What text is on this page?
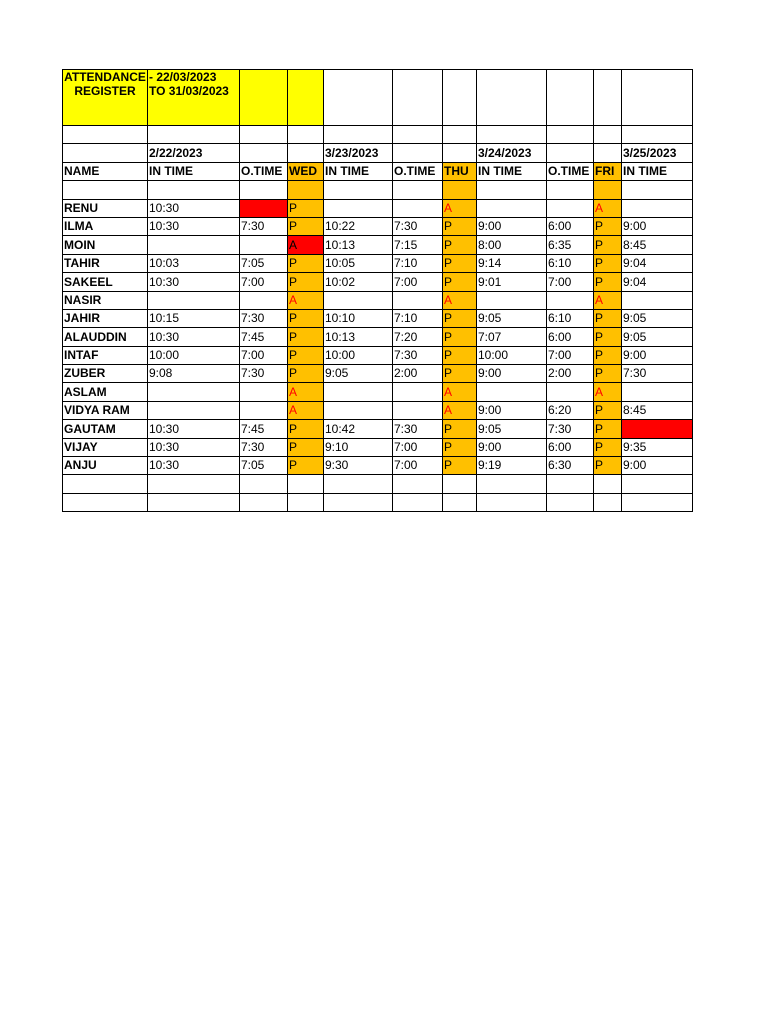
ATTENDANCE REGISTER	- 22/03/2023
TO 31/03/2023									

	2/22/2023			3/23/2023			3/24/2023			3/25/2023
NAME	IN TIME	O.TIME	WED	IN TIME	O.TIME	THU	IN TIME	O.TIME	FRI	IN TIME

RENU	10:30	3:00	P			A			A	
ILMA	10:30	7:30	P	10:22	7:30	P	9:00	6:00	P	9:00
MOIN			A	10:13	7:15	P	8:00	6:35	P	8:45
TAHIR	10:03	7:05	P	10:05	7:10	P	9:14	6:10	P	9:04
SAKEEL	10:30	7:00	P	10:02	7:00	P	9:01	7:00	P	9:04
NASIR			A			A			A	
JAHIR	10:15	7:30	P	10:10	7:10	P	9:05	6:10	P	9:05
ALAUDDIN	10:30	7:45	P	10:13	7:20	P	7:07	6:00	P	9:05
INTAF	10:00	7:00	P	10:00	7:30	P	10:00	7:00	P	9:00
ZUBER	9:08	7:30	P	9:05	2:00	P	9:00	2:00	P	7:30
ASLAM			A			A			A	
VIDYA RAM			A			A	9:00	6:20	P	8:45
GAUTAM	10:30	7:45	P	10:42	7:30	P	9:05	7:30	P	10:45
VIJAY	10:30	7:30	P	9:10	7:00	P	9:00	6:00	P	9:35
ANJU	10:30	7:05	P	9:30	7:00	P	9:19	6:30	P	9:00
